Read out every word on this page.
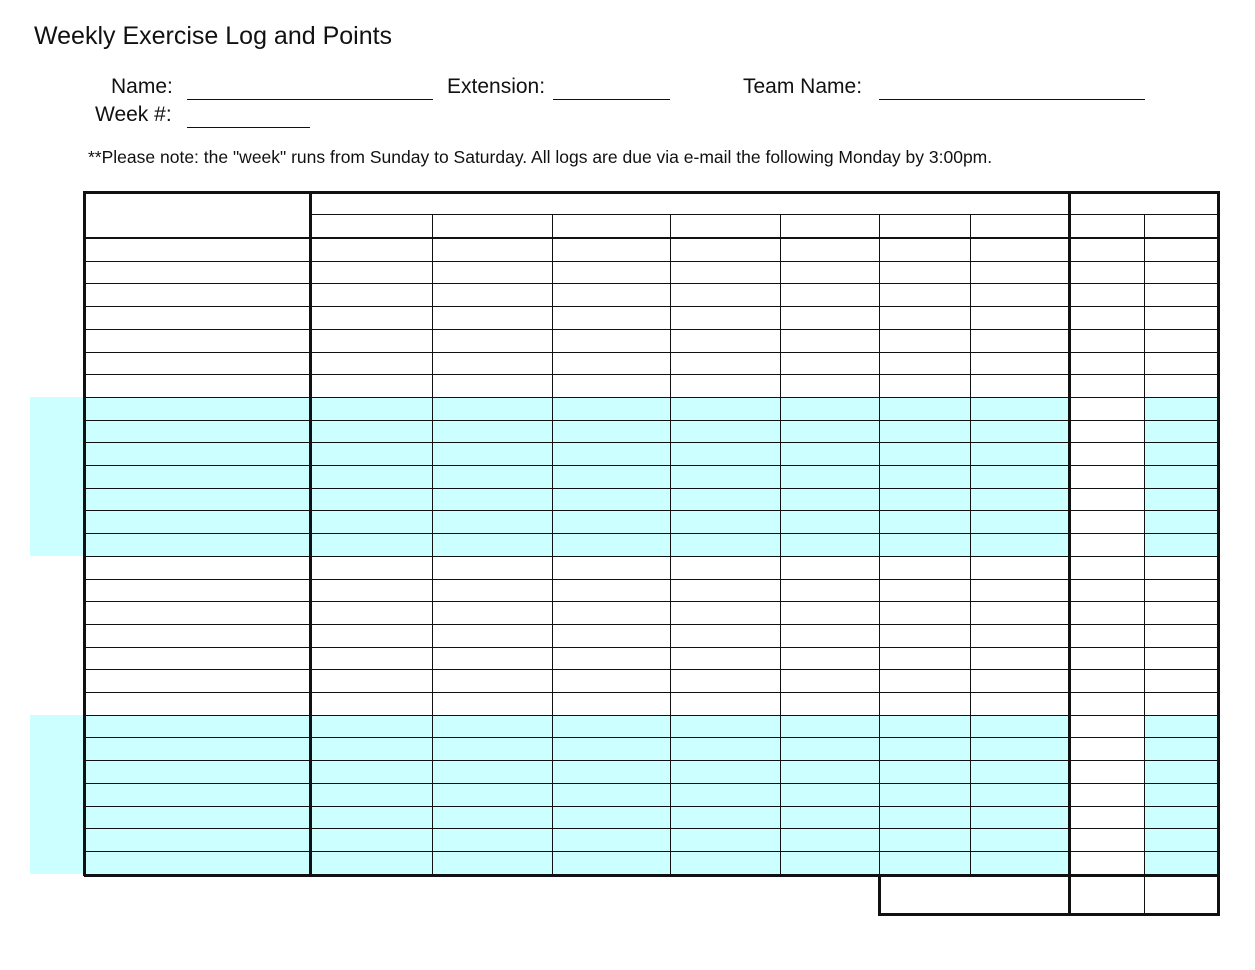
Weekly Exercise Log and Points
Name:	Extension:	Team Name:
Week #:
**Please note: the "week" runs from Sunday to Saturday. All logs are due via e-mail the following Monday by 3:00pm.
